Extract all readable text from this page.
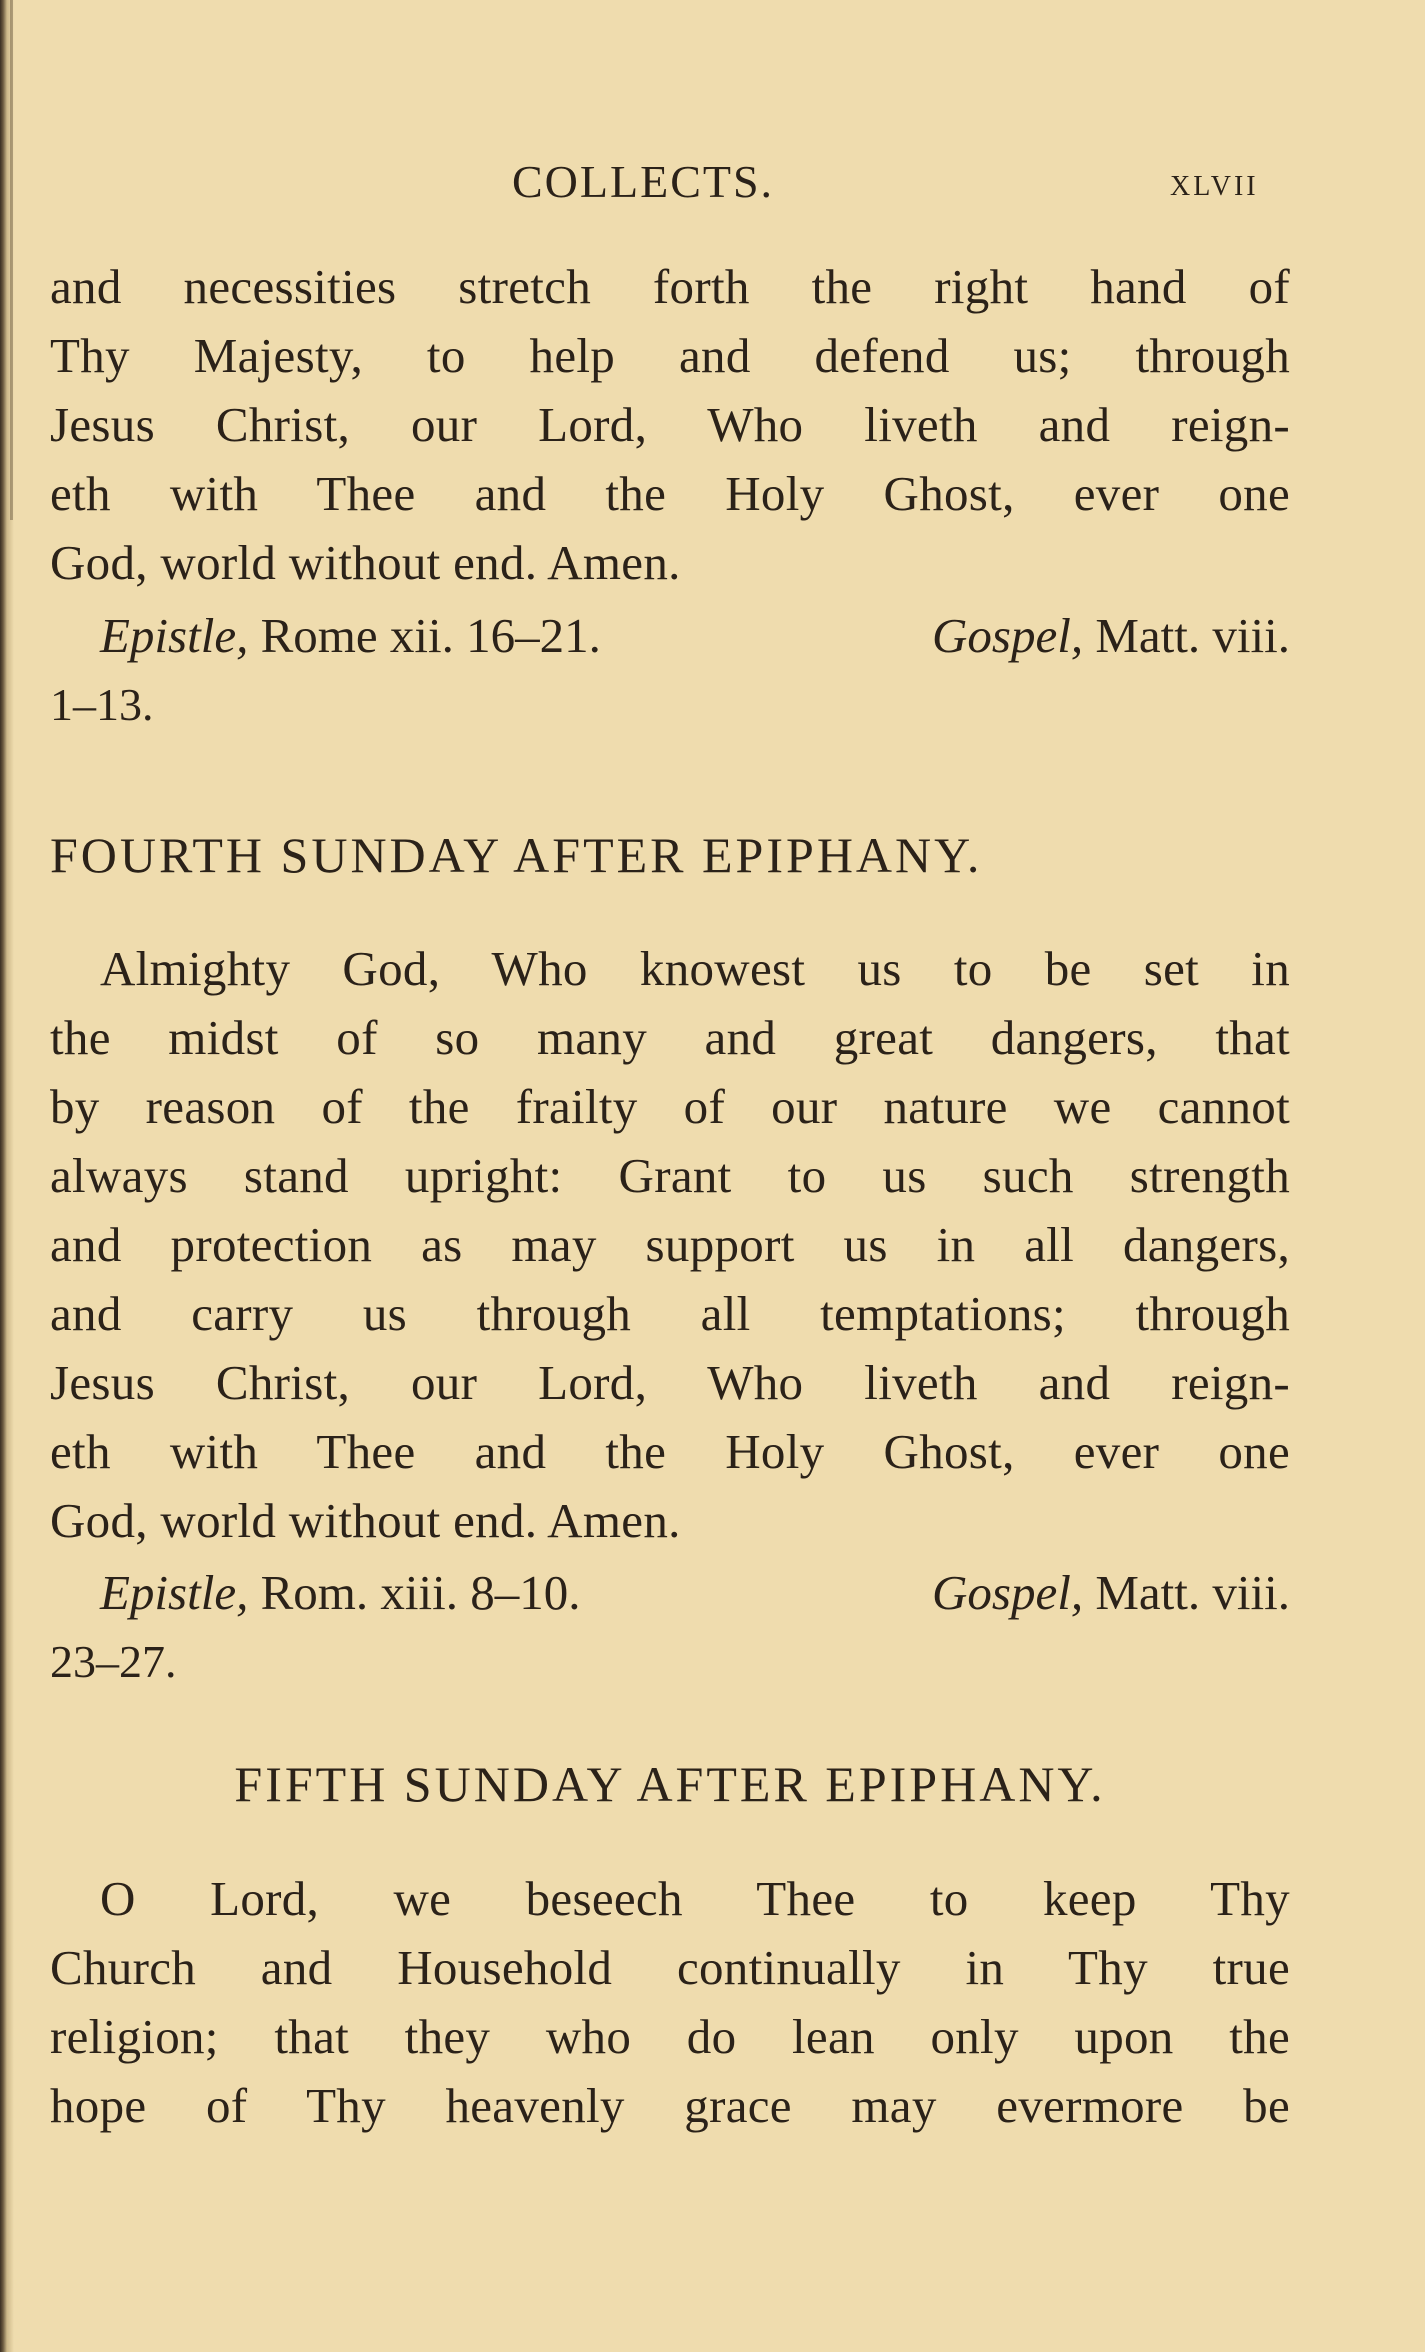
COLLECTS.	XLVII
and necessities stretch forth the right hand of
Thy Majesty, to help and defend us; through
Jesus Christ, our Lord, Who liveth and reign-
eth with Thee and the Holy Ghost, ever one
God, world without end. Amen.
Epistle, Rome xii. 16–21.	Gospel, Matt. viii.
1–13.
FOURTH SUNDAY AFTER EPIPHANY.
Almighty God, Who knowest us to be set in
the midst of so many and great dangers, that
by reason of the frailty of our nature we cannot
always stand upright: Grant to us such strength
and protection as may support us in all dangers,
and carry us through all temptations; through
Jesus Christ, our Lord, Who liveth and reign-
eth with Thee and the Holy Ghost, ever one
God, world without end. Amen.
Epistle, Rom. xiii. 8–10.	Gospel, Matt. viii.
23–27.
FIFTH SUNDAY AFTER EPIPHANY.
O Lord, we beseech Thee to keep Thy
Church and Household continually in Thy true
religion; that they who do lean only upon the
hope of Thy heavenly grace may evermore be
